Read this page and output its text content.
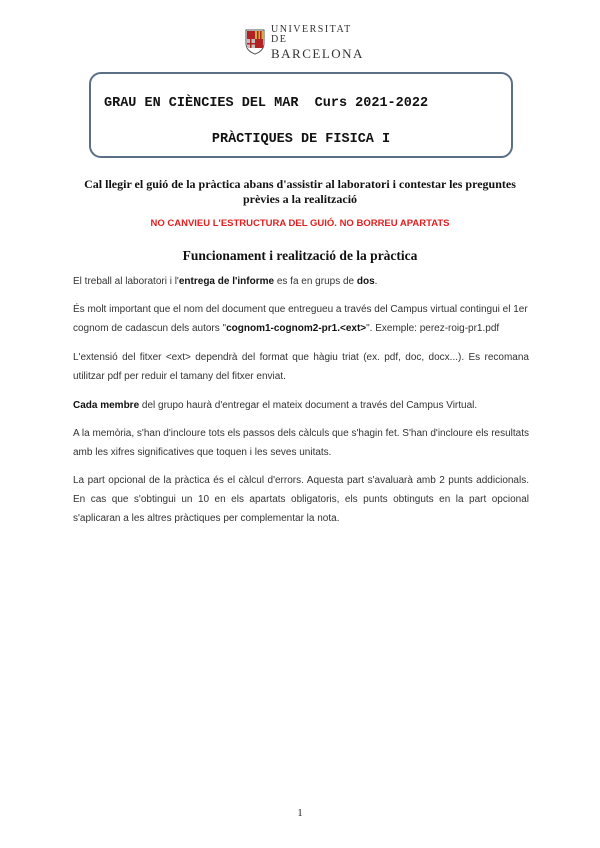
UNIVERSITAT DE
BARCELONA
GRAU EN CIÈNCIES DEL MAR  Curs 2021-2022
PRÀCTIQUES DE FISICA I
Cal llegir el guió de la pràctica abans d'assistir al laboratori i contestar les preguntes
prèvies a la realització
NO CANVIEU L'ESTRUCTURA DEL GUIÓ. NO BORREU APARTATS
Funcionament i realització de la pràctica
El treball al laboratori i l'entrega de l'informe es fa en grups de dos.
És molt important que el nom del document que entregueu a través del Campus virtual contingui el 1er cognom de cadascun dels autors "cognom1-cognom2-pr1.<ext>". Exemple: perez-roig-pr1.pdf
L'extensió del fitxer <ext> dependrà del format que hàgiu triat (ex. pdf, doc, docx...). Es recomana utilitzar pdf per reduir el tamany del fitxer enviat.
Cada membre del grupo haurà d'entregar el mateix document a través del Campus Virtual.
A la memòria, s'han d'incloure tots els passos dels càlculs que s'hagin fet. S'han d'incloure els resultats amb les xifres significatives que toquen i les seves unitats.
La part opcional de la pràctica és el càlcul d'errors. Aquesta part s'avaluarà amb 2 punts addicionals. En cas que s'obtingui un 10 en els apartats obligatoris, els punts obtinguts en la part opcional s'aplicaran a les altres pràctiques per complementar la nota.
1
